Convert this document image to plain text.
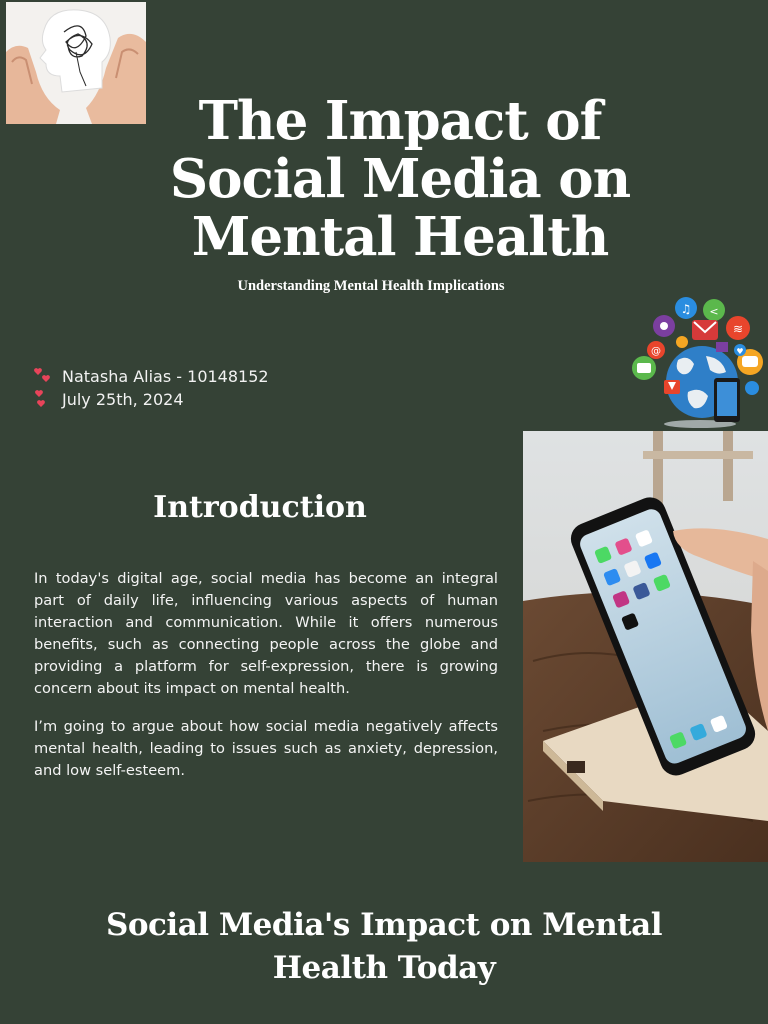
The Impact of
Social Media on
Mental Health
Understanding Mental Health Implications
♫ <
≋
@	♥
Natasha Alias - 10148152
July 25th, 2024
Introduction

In today's digital age, social media has become an integral part of daily life, influencing various aspects of human interaction and communication. While it offers numerous benefits, such as connecting people across the globe and providing a platform for self-expression, there is growing concern about its impact on mental health.

I’m going to argue about how social media negatively affects mental health, leading to issues such as anxiety, depression, and low self-esteem.

Social Media's Impact on Mental
Health Today
